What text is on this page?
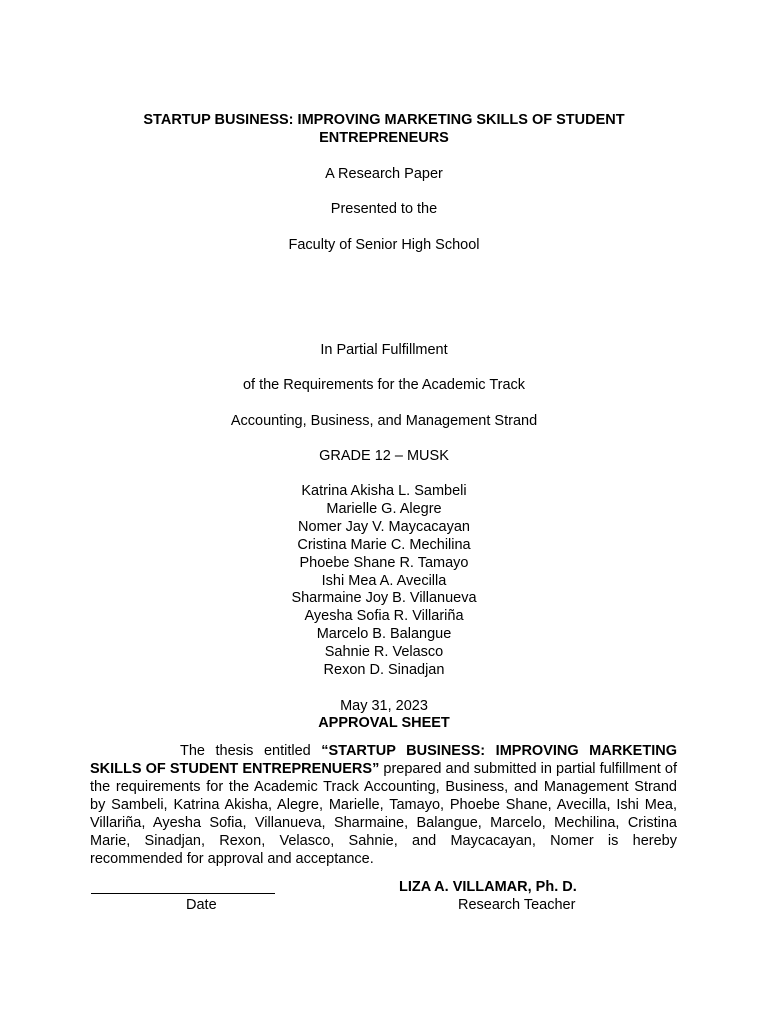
STARTUP BUSINESS: IMPROVING MARKETING SKILLS OF STUDENT ENTREPRENEURS
A Research Paper
Presented to the
Faculty of Senior High School
In Partial Fulfillment
of the Requirements for the Academic Track
Accounting, Business, and Management Strand
GRADE 12 – MUSK
Katrina Akisha L. Sambeli
Marielle G. Alegre
Nomer Jay V. Maycacayan
Cristina Marie C. Mechilina
Phoebe Shane R. Tamayo
Ishi Mea A. Avecilla
Sharmaine Joy B. Villanueva
Ayesha Sofia R. Villariña
Marcelo B. Balangue
Sahnie R. Velasco
Rexon D. Sinadjan
May 31, 2023
APPROVAL SHEET
The thesis entitled “STARTUP BUSINESS: IMPROVING MARKETING SKILLS OF STUDENT ENTREPRENUERS” prepared and submitted in partial fulfillment of the requirements for the Academic Track Accounting, Business, and Management Strand by Sambeli, Katrina Akisha, Alegre, Marielle, Tamayo, Phoebe Shane, Avecilla, Ishi Mea, Villariña, Ayesha Sofia, Villanueva, Sharmaine, Balangue, Marcelo, Mechilina, Cristina Marie, Sinadjan, Rexon, Velasco, Sahnie, and Maycacayan, Nomer is hereby recommended for approval and acceptance.
LIZA A. VILLAMAR, Ph. D.
Date	Research Teacher
